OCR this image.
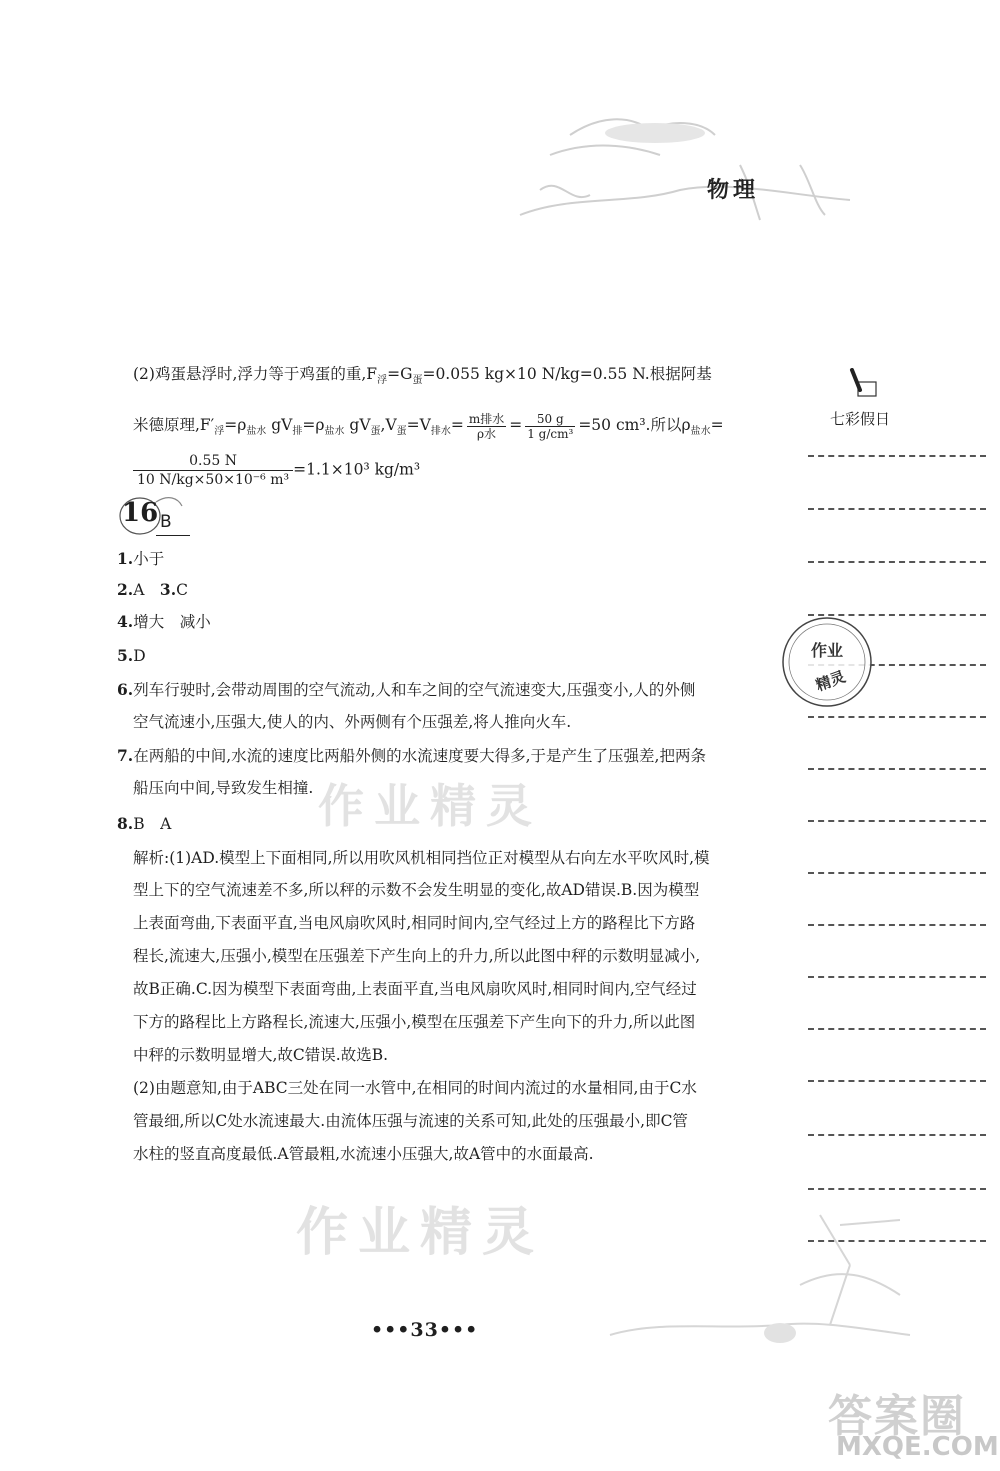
物理
七彩假日
作业
精灵
(2)鸡蛋悬浮时,浮力等于鸡蛋的重$,F_浮=G_蛋=0.055$ kg×10 N/kg=0.55 N.根据阿基
米德原理$,F'_浮=\rho_{盐水}$ $gV_排=\rho_{盐水}$ $gV_蛋,V_蛋=V_{排水}= \frac{\text{m排水}}{\text{ρ水}} = \frac{50 g}{\text{1 g/cm³}} =50$ cm³.所以$\rho_{盐水}=$
$\frac{0.55 N}{\text{10 N/kg×50×10⁻⁶ m³}} =1.1\times 10^3$ kg/m³
16 B
1.小于
2.A　 3.C
4.增大　减小
5.D
6.列车行驶时,会带动周围的空气流动,人和车之间的空气流速变大,压强变小,人的外侧
空气流速小,压强大,使人的内、外两侧有个压强差,将人推向火车.
7.在两船的中间,水流的速度比两船外侧的水流速度要大得多,于是产生了压强差,把两条
船压向中间,导致发生相撞.
8.B　A	作业精灵
解析:(1)AD.模型上下面相同,所以用吹风机相同挡位正对模型从右向左水平吹风时,模
型上下的空气流速差不多,所以秤的示数不会发生明显的变化,故AD错误.B.因为模型
上表面弯曲,下表面平直,当电风扇吹风时,相同时间内,空气经过上方的路程比下方路
程长,流速大,压强小,模型在压强差下产生向上的升力,所以此图中秤的示数明显减小,
故B正确.C.因为模型下表面弯曲,上表面平直,当电风扇吹风时,相同时间内,空气经过
下方的路程比上方路程长,流速大,压强小,模型在压强差下产生向下的升力,所以此图
中秤的示数明显增大,故C错误.故选B.
(2)由题意知,由于ABC三处在同一水管中,在相同的时间内流过的水量相同,由于C水
管最细,所以C处水流速最大.由流体压强与流速的关系可知,此处的压强最小,即C管
水柱的竖直高度最低.A管最粗,水流速小压强大,故A管中的水面最高.
作业精灵
•••33•••
答案圈
MXQE.COM
